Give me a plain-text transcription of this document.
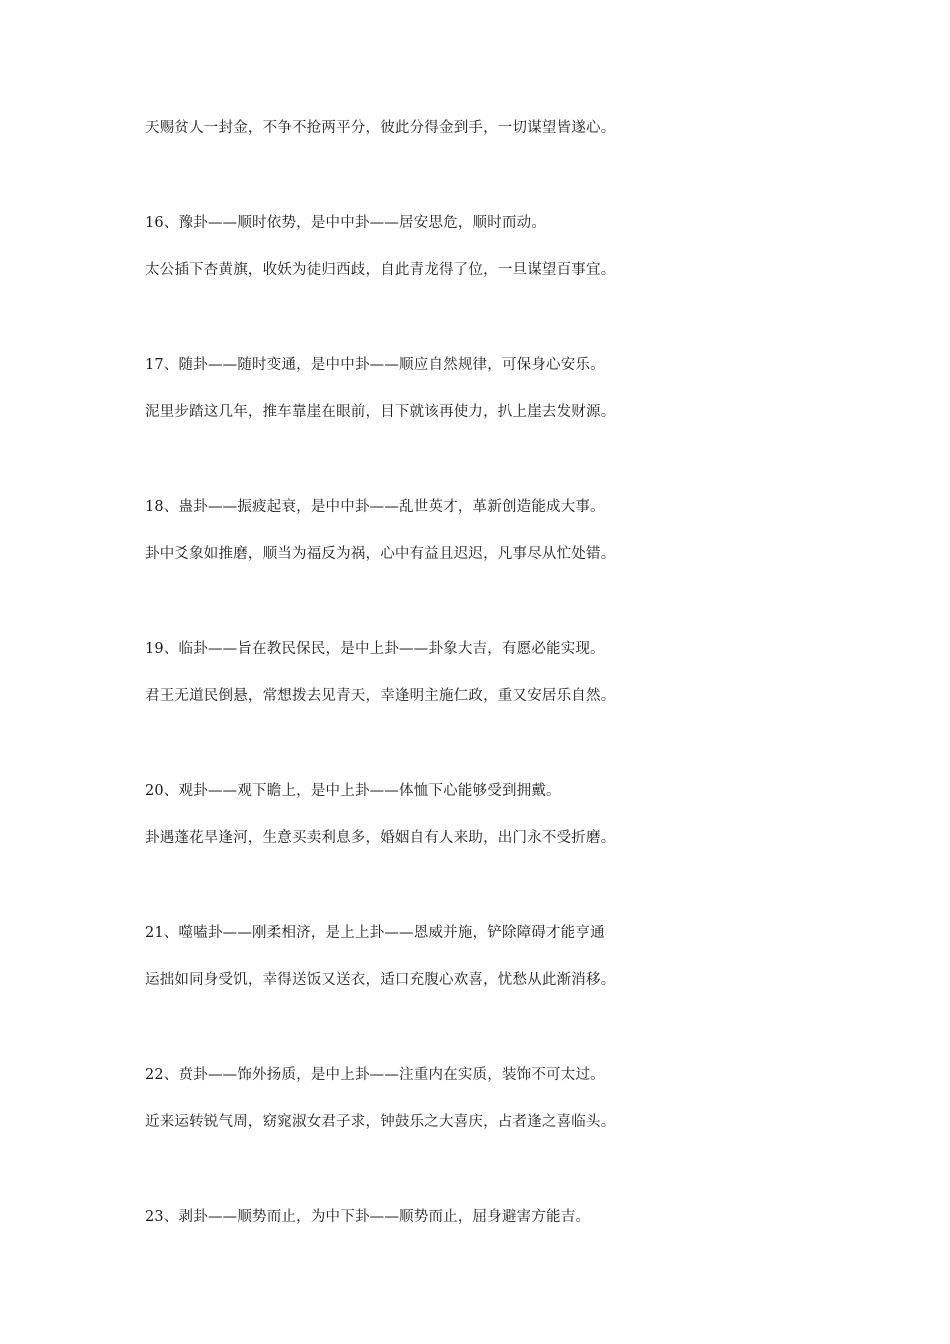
天赐贫人一封金，不争不抢两平分，彼此分得金到手，一切谋望皆遂心。

16、豫卦——顺时依势，是中中卦——居安思危，顺时而动。

太公插下杏黄旗，收妖为徒归西歧，自此青龙得了位，一旦谋望百事宜。

17、随卦——随时变通，是中中卦——顺应自然规律，可保身心安乐。

泥里步踏这几年，推车靠崖在眼前，目下就该再使力，扒上崖去发财源。

18、蛊卦——振疲起衰，是中中卦——乱世英才，革新创造能成大事。

卦中爻象如推磨，顺当为福反为祸，心中有益且迟迟，凡事尽从忙处错。

19、临卦——旨在教民保民，是中上卦——卦象大吉，有愿必能实现。

君王无道民倒悬，常想拨去见青天，幸逢明主施仁政，重又安居乐自然。

20、观卦——观下瞻上，是中上卦——体恤下心能够受到拥戴。

卦遇蓬花旱逢河，生意买卖利息多，婚姻自有人来助，出门永不受折磨。

21、噬嗑卦——刚柔相济，是上上卦——恩威并施，铲除障碍才能亨通

运拙如同身受饥，幸得送饭又送衣，适口充腹心欢喜，忧愁从此渐消移。

22、贲卦——饰外扬质，是中上卦——注重内在实质，装饰不可太过。

近来运转锐气周，窈窕淑女君子求，钟鼓乐之大喜庆，占者逢之喜临头。

23、剥卦——顺势而止，为中下卦——顺势而止，屈身避害方能吉。
